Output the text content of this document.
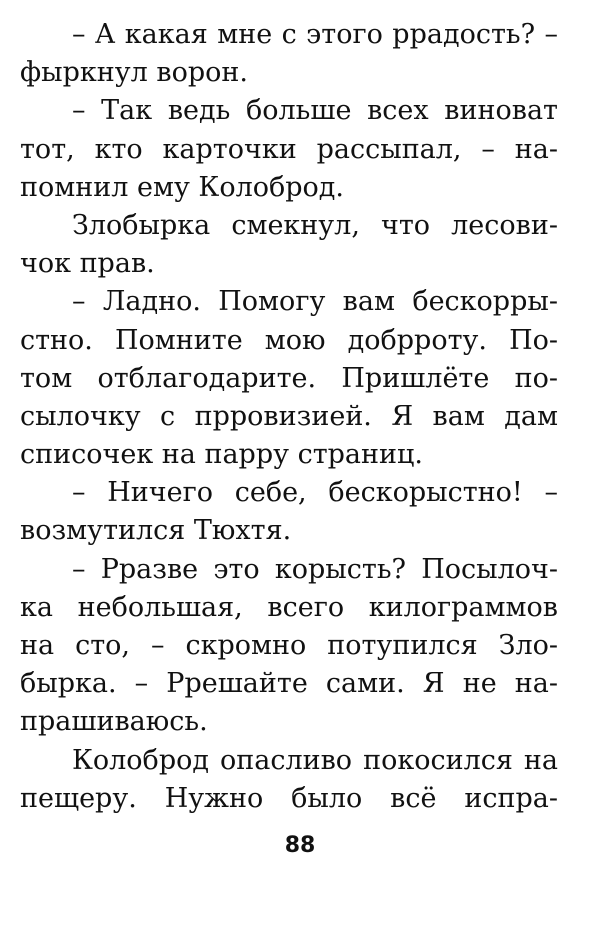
– А какая мне с этого ррадость? –
фыркнул ворон.
– Так ведь больше всех виноват
тот, кто карточки рассыпал, – на-
помнил ему Колоброд.
Злобырка смекнул, что лесови-
чок прав.
– Ладно. Помогу вам бескорры-
стно. Помните мою добрроту. По-
том отблагодарите. Пришлёте по-
сылочку с прровизией. Я вам дам
списочек на парру страниц.
– Ничего себе, бескорыстно! –
возмутился Тюхтя.
– Рразве это корысть? Посылоч-
ка небольшая, всего килограммов
на сто, – скромно потупился Зло-
бырка. – Ррешайте сами. Я не на-
прашиваюсь.
Колоброд опасливо покосился на
пещеру. Нужно было всё испра-
88
